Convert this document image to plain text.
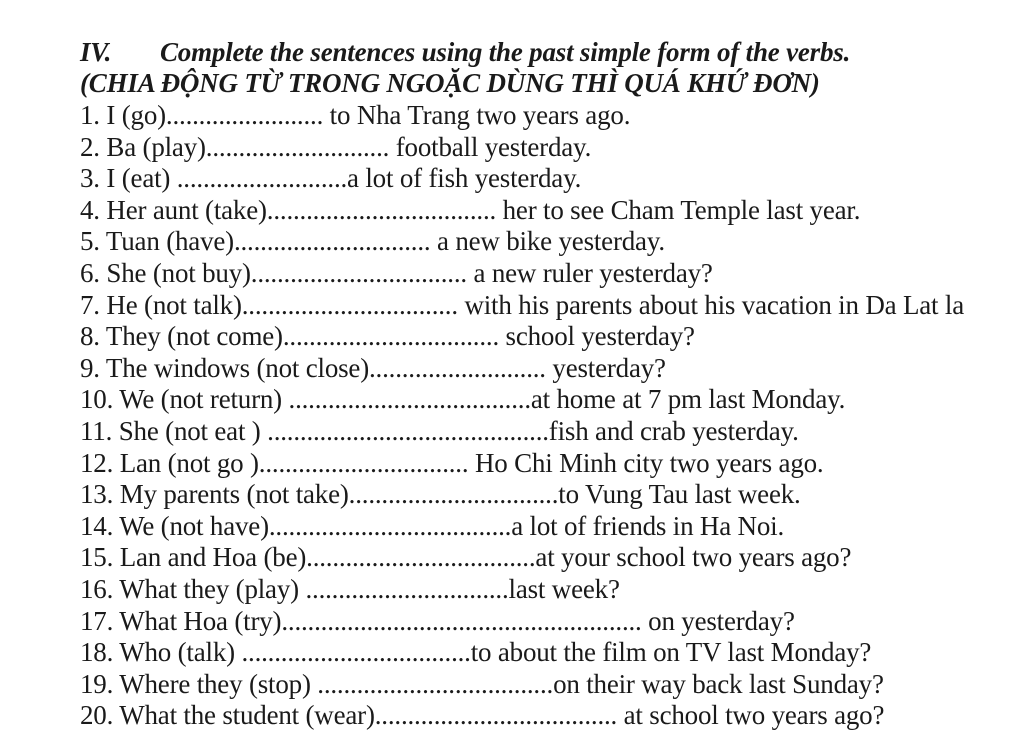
IV. Complete the sentences using the past simple form of the verbs.
(CHIA ĐỘNG TỪ TRONG NGOẶC DÙNG THÌ QUÁ KHỨ ĐƠN)
1. I (go)........................ to Nha Trang two years ago.
2. Ba (play)............................ football yesterday.
3. I (eat) ..........................a lot of fish yesterday.
4. Her aunt (take)................................... her to see Cham Temple last year.
5. Tuan (have).............................. a new bike yesterday.
6. She (not buy)................................. a new ruler yesterday?
7. He (not talk)................................. with his parents about his vacation in Da Lat la
8. They (not come)................................. school yesterday?
9. The windows (not close)........................... yesterday?
10. We (not return) .....................................at home at 7 pm last Monday.
11. She (not eat ) ...........................................fish and crab yesterday.
12. Lan (not go )................................ Ho Chi Minh city two years ago.
13. My parents (not take)................................to Vung Tau last week.
14. We (not have).....................................a lot of friends in Ha Noi.
15. Lan and Hoa (be)...................................at your school two years ago?
16. What they (play) ...............................last week?
17. What Hoa (try)....................................................... on yesterday?
18. Who (talk) ...................................to about the film on TV last Monday?
19. Where they (stop) ....................................on their way back last Sunday?
20. What the student (wear)..................................... at school two years ago?
